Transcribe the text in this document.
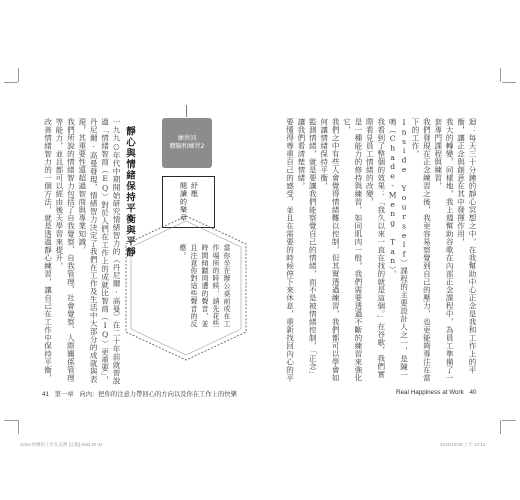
一九九○年代中期開始研究情緒智力的（丹尼爾·高曼）在二十年前就曾說過「情緒智商（EQ）對於人們在工作上的成就比智商（IQ）更重要」，

丹尼爾·高曼發現，情緒智力決定了我們在工作及生活中大部分的成就與表現，其重要性遠超過智商與專業知識，

我們所說的情緒智力包括了自我覺察、自我管理、社會覺察、人際關係管理等能力，並且都可以經由後天學習來提升，

改善情緒智力的一個方法，就是透過靜心練習，讓自己在工作中保持平衡，

靜心與情緒保持平衡與平靜	練習回
體驗和練習2
紓壓
閱讀的樂章
當你坐在辦公桌前或在工作場所的時候，請先花些時間傾聽周遭的聲音，並且注意你對這些聲音的反應。	迴：每天三十分鐘的靜心冥想之中，在我幫助中心正念是我和工作上的平衡，讓正念與創意在其中發揮作用，

我大的轉變，同樣地，我上週幫助谷歌在內部正念課程中，為員工準備了一套專門課程與練習，

我們發現在正念練習之後，我更容易察覺到自己的壓力，也更能夠專注在當下的工作，

Inside Yourself）課程的主要設計人之一，是陳一鳴（Chade-Meng Tan），

我看到了整個的效果：「我久以來一直在找的就是這個。」在谷歌，我們實際看見員工情緒的改變，

是一種能力的修持與練習，如同肌肉一般，我們需要透過不斷的練習來強化它，

我們之中有些人會覺得情緒難以控制，但其實透過練習，我們都可以學會如何讓情緒保持平衡，

監測情緒，就是要讓我們能察覺自己的情緒，而不是被情緒控制，「正念」讓我們看清楚情緒，

要懂得尊重自己的感受，並且在需要的時候停下來休息，重新找回內心的平

41 第一章 向內：把你的注意力帶回心的方向以及你在工作上的快樂	Real Happiness at Work 40
1234-快樂的工作在這裡 [定稿].indd 40-41	2015/12/28 上午 10:12
